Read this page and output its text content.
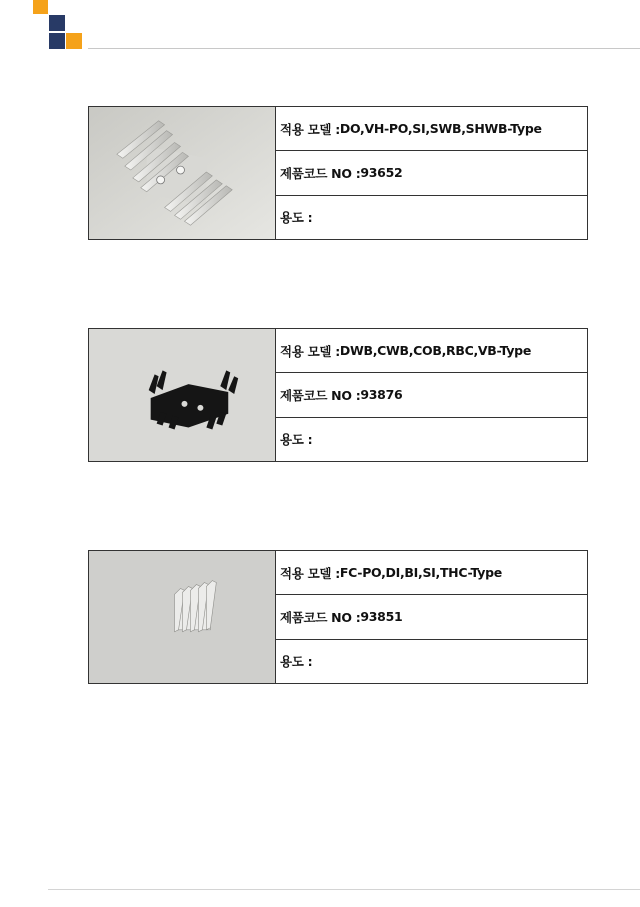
적용 모델 : DO,VH-PO,SI,SWB,SHWB-Type
제품코드 NO : 93652
용도 :
적용 모델 : DWB,CWB,COB,RBC,VB-Type
제품코드 NO : 93876
용도 :
적용 모델 : FC-PO,DI,BI,SI,THC-Type
제품코드 NO : 93851
용도 :
